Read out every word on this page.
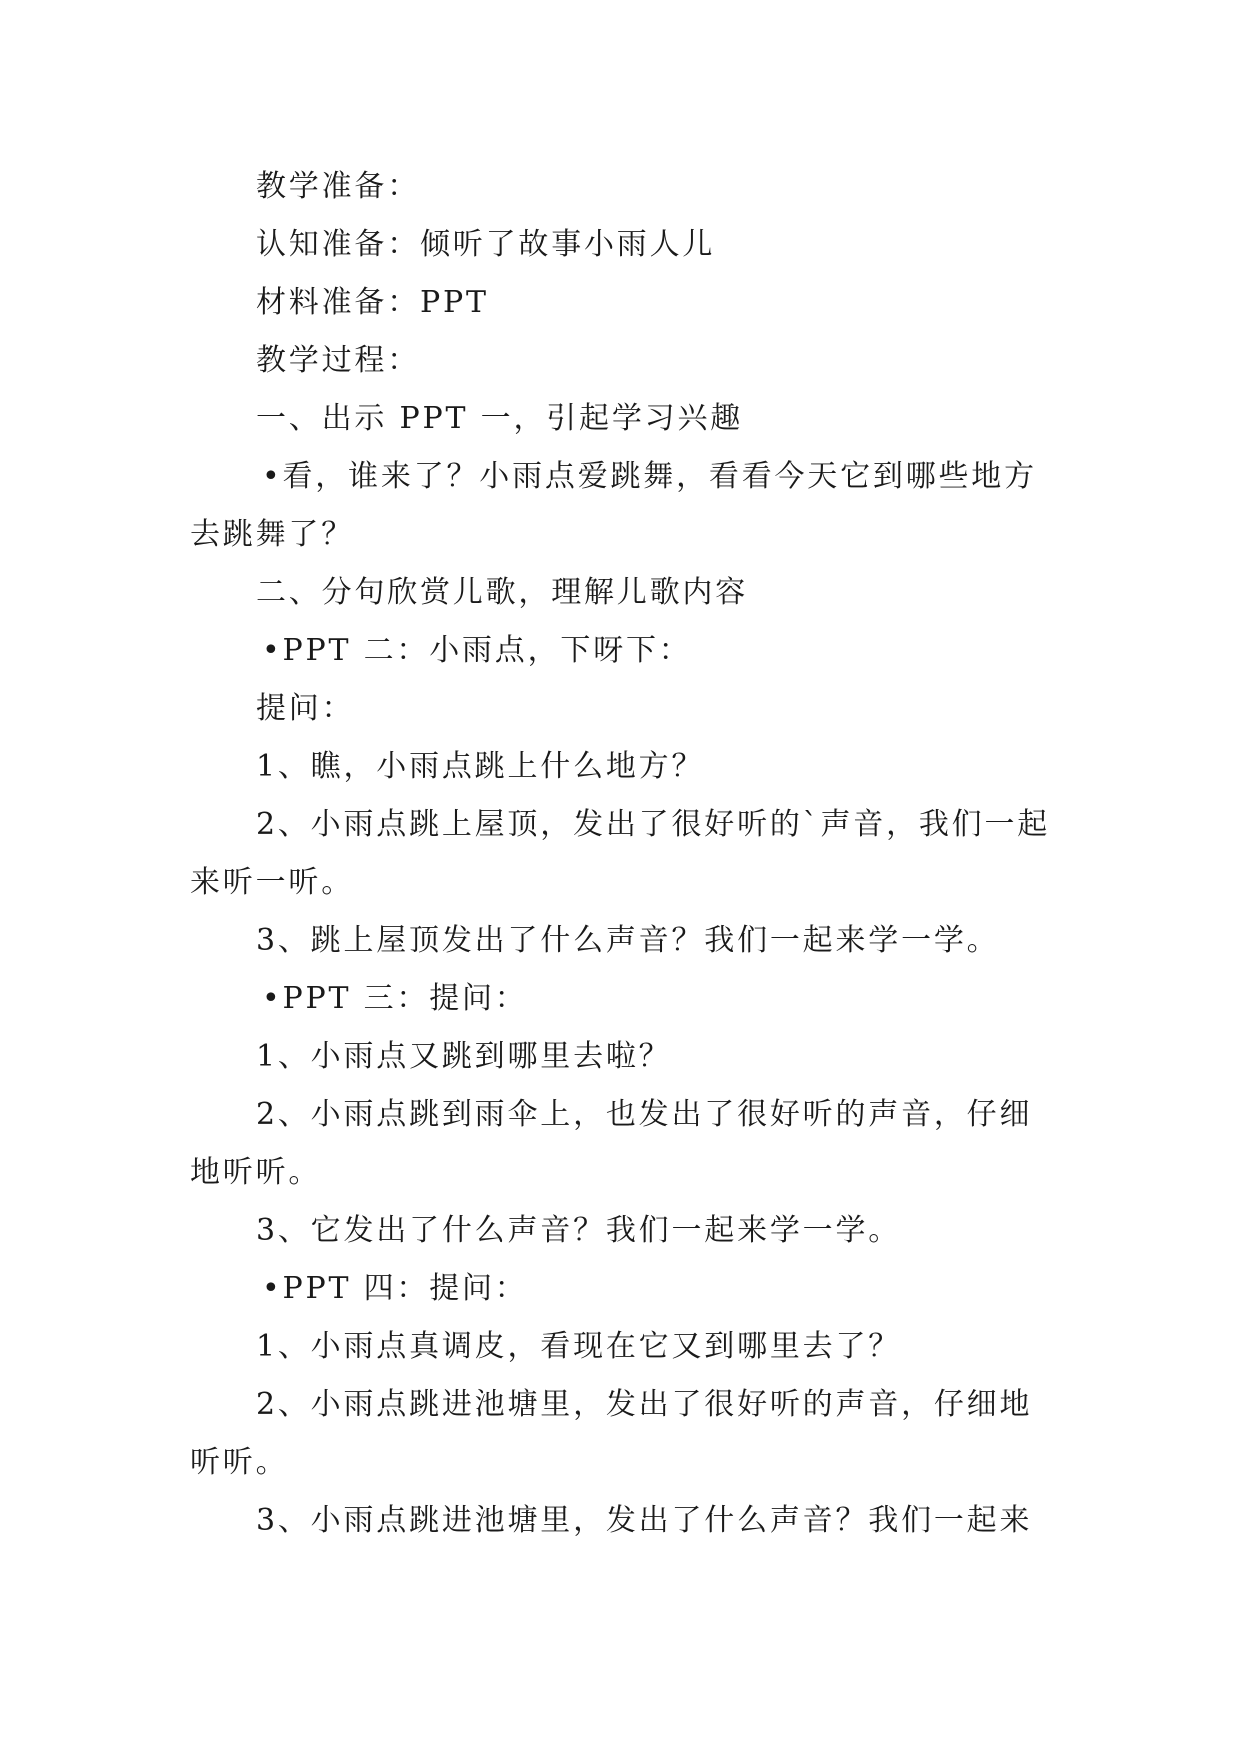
教学准备：
认知准备：倾听了故事小雨人儿
材料准备：PPT
教学过程：
一、出示 PPT 一，引起学习兴趣
•看，谁来了？小雨点爱跳舞，看看今天它到哪些地方
去跳舞了？
二、分句欣赏儿歌，理解儿歌内容
•PPT 二：小雨点，下呀下：
提问：
1、瞧，小雨点跳上什么地方？
2、小雨点跳上屋顶，发出了很好听的`声音，我们一起
来听一听。
3、跳上屋顶发出了什么声音？我们一起来学一学。
•PPT 三：提问：
1、小雨点又跳到哪里去啦？
2、小雨点跳到雨伞上，也发出了很好听的声音，仔细
地听听。
3、它发出了什么声音？我们一起来学一学。
•PPT 四：提问：
1、小雨点真调皮，看现在它又到哪里去了？
2、小雨点跳进池塘里，发出了很好听的声音，仔细地
听听。
3、小雨点跳进池塘里，发出了什么声音？我们一起来
